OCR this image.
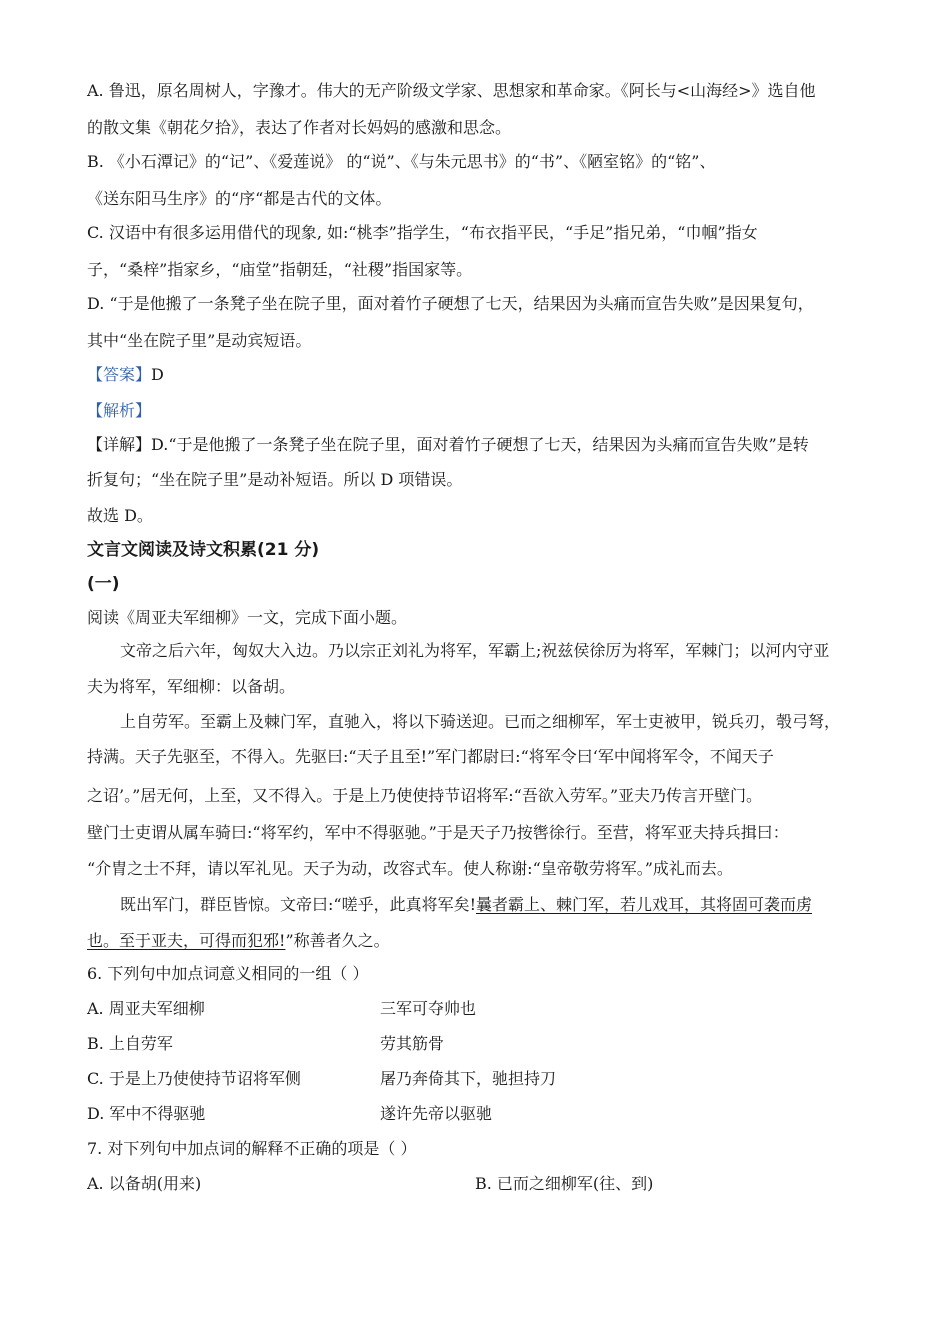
A. 鲁迅，原名周树人，字豫才。伟大的无产阶级文学家、思想家和革命家。《阿长与<山海经>》选自他
的散文集《朝花夕拾》，表达了作者对长妈妈的感激和思念。
B. 《小石潭记》的“记”、《爱莲说》 的“说”、《与朱元思书》的“书”、《陋室铭》的“铭”、
《送东阳马生序》的“序“都是古代的文体。
C. 汉语中有很多运用借代的现象, 如:“桃李”指学生，“布衣指平民，“手足”指兄弟，“巾帼”指女
子，“桑梓”指家乡，“庙堂”指朝廷，“社稷”指国家等。
D. “于是他搬了一条凳子坐在院子里，面对着竹子硬想了七天，结果因为头痛而宣告失败”是因果复句，
其中“坐在院子里”是动宾短语。
【答案】D
【解析】
【详解】D.“于是他搬了一条凳子坐在院子里，面对着竹子硬想了七天，结果因为头痛而宣告失败”是转
折复句；“坐在院子里”是动补短语。所以 D 项错误。
故选 D。
文言文阅读及诗文积累(21 分)
(一)
阅读《周亚夫军细柳》一文，完成下面小题。
文帝之后六年，匈奴大入边。乃以宗正刘礼为将军，军霸上;祝兹侯徐厉为将军，军棘门；以河内守亚
夫为将军，军细柳：以备胡。
上自劳军。至霸上及棘门军，直驰入，将以下骑送迎。已而之细柳军，军士吏被甲，锐兵刃，彀弓弩，
持满。天子先驱至，不得入。先驱曰:“天子且至!”军门都尉曰:“将军令曰‘军中闻将军令，不闻天子
之诏’。”居无何，上至，又不得入。于是上乃使使持节诏将军:“吾欲入劳军。”亚夫乃传言开壁门。
壁门士吏谓从属车骑曰:“将军约，军中不得驱驰。”于是天子乃按辔徐行。至营，将军亚夫持兵揖曰：
“介胄之士不拜，请以军礼见。天子为动，改容式车。使人称谢:“皇帝敬劳将军。”成礼而去。
既出军门，群臣皆惊。文帝曰:“嗟乎，此真将军矣!曩者霸上、棘门军，若儿戏耳，其将固可袭而虏
也。至于亚夫，可得而犯邪!”称善者久之。
6. 下列句中加点词意义相同的一组（ ）
A. 周亚夫军细柳	三军可夺帅也
B. 上自劳军	劳其筋骨
C. 于是上乃使使持节诏将军侧	屠乃奔倚其下，驰担持刀
D. 军中不得驱驰	遂许先帝以驱驰
7. 对下列句中加点词的解释不正确的项是（ ）
A. 以备胡(用来)	B. 已而之细柳军(往、到)
